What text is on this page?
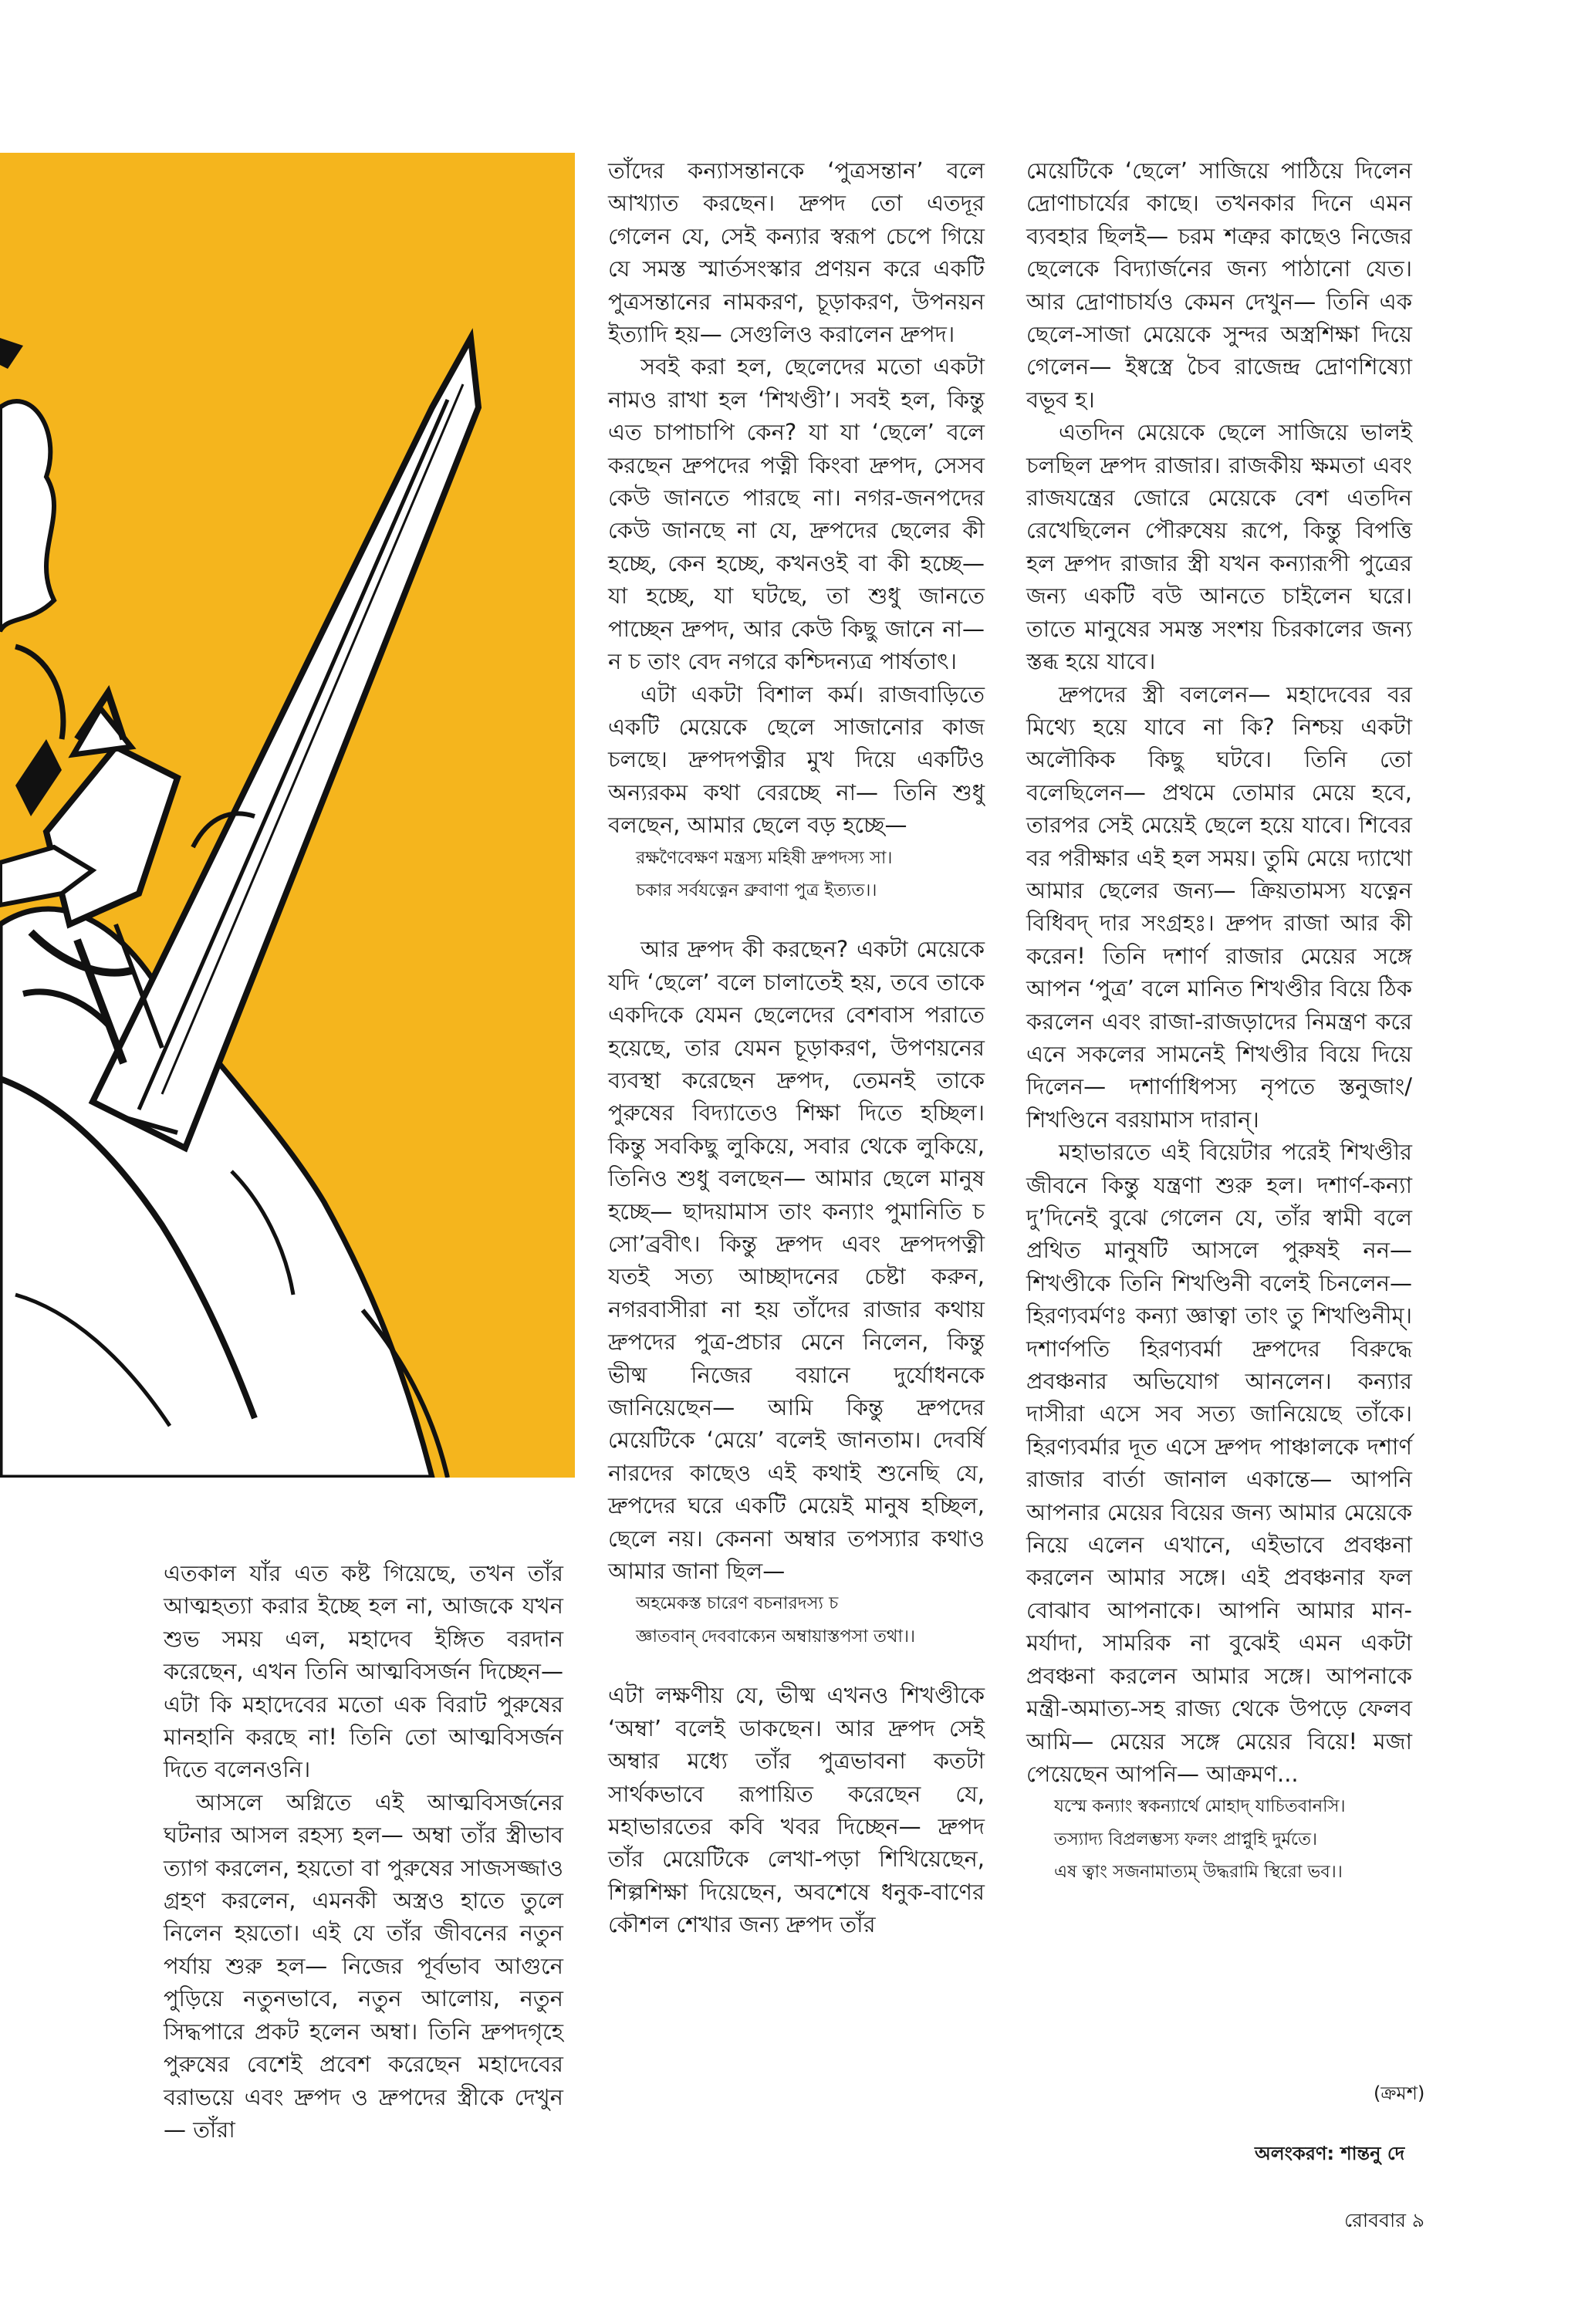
তাঁদের কন্যাসন্তানকে ‘পুত্রসন্তান’ বলে আখ্যাত করছেন। দ্রুপদ তো এতদূর গেলেন যে, সেই কন্যার স্বরূপ চেপে গিয়ে যে সমস্ত স্মার্তসংস্কার প্রণয়ন করে একটি পুত্রসন্তানের নামকরণ, চূড়াকরণ, উপনয়ন ইত্যাদি হয়— সেগুলিও করালেন দ্রুপদ।

সবই করা হল, ছেলেদের মতো একটা নামও রাখা হল ‘শিখণ্ডী’। সবই হল, কিন্তু এত চাপাচাপি কেন? যা যা ‘ছেলে’ বলে করছেন দ্রুপদের পত্নী কিংবা দ্রুপদ, সেসব কেউ জানতে পারছে না। নগর-জনপদের কেউ জানছে না যে, দ্রুপদের ছেলের কী হচ্ছে, কেন হচ্ছে, কখনওই বা কী হচ্ছে— যা হচ্ছে, যা ঘটছে, তা শুধু জানতে পাচ্ছেন দ্রুপদ, আর কেউ কিছু জানে না— ন চ তাং বেদ নগরে কশ্চিদন্যত্র পার্ষতাৎ।

এটা একটা বিশাল কর্ম। রাজবাড়িতে একটি মেয়েকে ছেলে সাজানোর কাজ চলছে। দ্রুপদপত্নীর মুখ দিয়ে একটিও অন্যরকম কথা বেরচ্ছে না— তিনি শুধু বলছেন, আমার ছেলে বড় হচ্ছে—

রক্ষণৈবেক্ষণ মন্ত্রস্য মহিষী দ্রুপদস্য সা।

চকার সর্বযত্নেন ব্রুবাণা পুত্র ইত্যত।।

আর দ্রুপদ কী করছেন? একটা মেয়েকে যদি ‘ছেলে’ বলে চালাতেই হয়, তবে তাকে একদিকে যেমন ছেলেদের বেশবাস পরাতে হয়েছে, তার যেমন চূড়াকরণ, উপণয়নের ব্যবস্থা করেছেন দ্রুপদ, তেমনই তাকে পুরুষের বিদ্যাতেও শিক্ষা দিতে হচ্ছিল। কিন্তু সবকিছু লুকিয়ে, সবার থেকে লুকিয়ে, তিনিও শুধু বলছেন— আমার ছেলে মানুষ হচ্ছে— ছাদয়ামাস তাং কন্যাং পুমানিতি চ সো’ব্রবীৎ। কিন্তু দ্রুপদ এবং দ্রুপদপত্নী যতই সত্য আচ্ছাদনের চেষ্টা করুন, নগরবাসীরা না হয় তাঁদের রাজার কথায় দ্রুপদের পুত্র-প্রচার মেনে নিলেন, কিন্তু ভীষ্ম নিজের বয়ানে দুর্যোধনকে জানিয়েছেন— আমি কিন্তু দ্রুপদের মেয়েটিকে ‘মেয়ে’ বলেই জানতাম। দেবর্ষি নারদের কাছেও এই কথাই শুনেছি যে, দ্রুপদের ঘরে একটি মেয়েই মানুষ হচ্ছিল, ছেলে নয়। কেননা অম্বার তপস্যার কথাও আমার জানা ছিল—

অহমেকস্ত চারেণ বচনারদস্য চ

জ্ঞাতবান্‌ দেববাক্যেন অম্বায়াস্তপসা তথা।।

এটা লক্ষণীয় যে, ভীষ্ম এখনও শিখণ্ডীকে ‘অম্বা’ বলেই ডাকছেন। আর দ্রুপদ সেই অম্বার মধ্যে তাঁর পুত্রভাবনা কতটা সার্থকভাবে রূপায়িত করেছেন যে, মহাভারতের কবি খবর দিচ্ছেন— দ্রুপদ তাঁর মেয়েটিকে লেখা-পড়া শিখিয়েছেন, শিল্পশিক্ষা দিয়েছেন, অবশেষে ধনুক-বাণের কৌশল শেখার জন্য দ্রুপদ তাঁর

মেয়েটিকে ‘ছেলে’ সাজিয়ে পাঠিয়ে দিলেন দ্রোণাচার্যের কাছে। তখনকার দিনে এমন ব্যবহার ছিলই— চরম শত্রুর কাছেও নিজের ছেলেকে বিদ্যার্জনের জন্য পাঠানো যেত। আর দ্রোণাচার্যও কেমন দেখুন— তিনি এক ছেলে-সাজা মেয়েকে সুন্দর অস্ত্রশিক্ষা দিয়ে গেলেন— ইষ্বস্ত্রে চৈব রাজেন্দ্র দ্রোণশিষ্যো বভূব হ।

এতদিন মেয়েকে ছেলে সাজিয়ে ভালই চলছিল দ্রুপদ রাজার। রাজকীয় ক্ষমতা এবং রাজযন্ত্রের জোরে মেয়েকে বেশ এতদিন রেখেছিলেন পৌরুষেয় রূপে, কিন্তু বিপত্তি হল দ্রুপদ রাজার স্ত্রী যখন কন্যারূপী পুত্রের জন্য একটি বউ আনতে চাইলেন ঘরে। তাতে মানুষের সমস্ত সংশয় চিরকালের জন্য স্তব্ধ হয়ে যাবে।

দ্রুপদের স্ত্রী বললেন— মহাদেবের বর মিথ্যে হয়ে যাবে না কি? নিশ্চয় একটা অলৌকিক কিছু ঘটবে। তিনি তো বলেছিলেন— প্রথমে তোমার মেয়ে হবে, তারপর সেই মেয়েই ছেলে হয়ে যাবে। শিবের বর পরীক্ষার এই হল সময়। তুমি মেয়ে দ্যাখো আমার ছেলের জন্য— ক্রিয়তামস্য যত্নেন বিধিবদ্ দার সংগ্রহঃ। দ্রুপদ রাজা আর কী করেন! তিনি দশার্ণ রাজার মেয়ের সঙ্গে আপন ‘পুত্র’ বলে মানিত শিখণ্ডীর বিয়ে ঠিক করলেন এবং রাজা-রাজড়াদের নিমন্ত্রণ করে এনে সকলের সামনেই শিখণ্ডীর বিয়ে দিয়ে দিলেন— দশার্ণাধিপস্য নৃপতে স্তনুজাং/শিখণ্ডিনে বরয়ামাস দারান্‌।

মহাভারতে এই বিয়েটার পরেই শিখণ্ডীর জীবনে কিন্তু যন্ত্রণা শুরু হল। দশার্ণ-কন্যা দু’দিনেই বুঝে গেলেন যে, তাঁর স্বামী বলে প্রথিত মানুষটি আসলে পুরুষই নন— শিখণ্ডীকে তিনি শিখণ্ডিনী বলেই চিনলেন— হিরণ্যবর্মণঃ কন্যা জ্ঞাত্বা তাং তু শিখণ্ডিনীম্‌। দশার্ণপতি হিরণ্যবর্মা দ্রুপদের বিরুদ্ধে প্রবঞ্চনার অভিযোগ আনলেন। কন্যার দাসীরা এসে সব সত্য জানিয়েছে তাঁকে। হিরণ্যবর্মার দূত এসে দ্রুপদ পাঞ্চালকে দশার্ণ রাজার বার্তা জানাল একান্তে— আপনি আপনার মেয়ের বিয়ের জন্য আমার মেয়েকে নিয়ে এলেন এখানে, এইভাবে প্রবঞ্চনা করলেন আমার সঙ্গে। এই প্রবঞ্চনার ফল বোঝাব আপনাকে। আপনি আমার মান-মর্যাদা, সামরিক না বুঝেই এমন একটা প্রবঞ্চনা করলেন আমার সঙ্গে। আপনাকে মন্ত্রী-অমাত্য-সহ রাজ্য থেকে উপড়ে ফেলব আমি— মেয়ের সঙ্গে মেয়ের বিয়ে! মজা পেয়েছেন আপনি— আক্রমণ...

যস্মে কন্যাং স্বকন্যার্থে মোহাদ্‌ যাচিতবানসি।

তস্যাদ্য বিপ্রলম্ভস্য ফলং প্রাপ্নুহি দুর্মতে।

এষ ত্বাং সজনামাত্যম্‌ উদ্ধরামি স্থিরো ভব।।

এতকাল যাঁর এত কষ্ট গিয়েছে, তখন তাঁর আত্মহত্যা করার ইচ্ছে হল না, আজকে যখন শুভ সময় এল, মহাদেব ইঙ্গিত বরদান করেছেন, এখন তিনি আত্মবিসর্জন দিচ্ছেন— এটা কি মহাদেবের মতো এক বিরাট পুরুষের মানহানি করছে না! তিনি তো আত্মবিসর্জন দিতে বলেনওনি।

আসলে অগ্নিতে এই আত্মবিসর্জনের ঘটনার আসল রহস্য হল— অম্বা তাঁর স্ত্রীভাব ত্যাগ করলেন, হয়তো বা পুরুষের সাজসজ্জাও গ্রহণ করলেন, এমনকী অস্ত্রও হাতে তুলে নিলেন হয়তো। এই যে তাঁর জীবনের নতুন পর্যায় শুরু হল— নিজের পূর্বভাব আগুনে পুড়িয়ে নতুনভাবে, নতুন আলোয়, নতুন সিদ্ধপারে প্রকট হলেন অম্বা। তিনি দ্রুপদগৃহে পুরুষের বেশেই প্রবেশ করেছেন মহাদেবের বরাভয়ে এবং দ্রুপদ ও দ্রুপদের স্ত্রীকে দেখুন— তাঁরা

(ক্রমশ)
অলংকরণ: শান্তনু দে
রোববার ৯
